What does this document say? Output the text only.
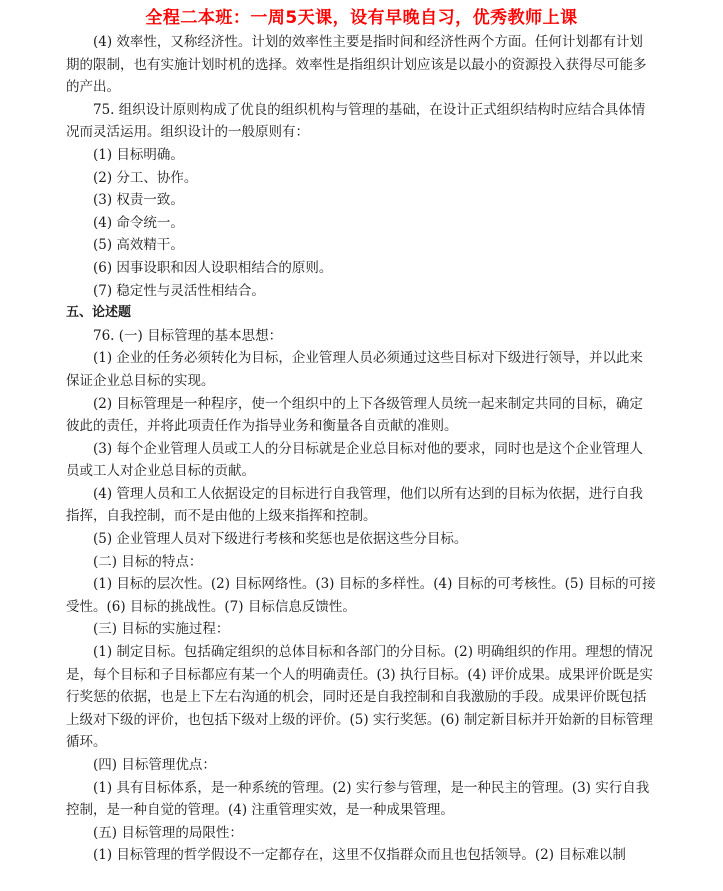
全程二本班：一周5天课，设有早晚自习，优秀教师上课

(4) 效率性，又称经济性。计划的效率性主要是指时间和经济性两个方面。任何计划都有计划期的限制，也有实施计划时机的选择。效率性是指组织计划应该是以最小的资源投入获得尽可能多的产出。

75. 组织设计原则构成了优良的组织机构与管理的基础，在设计正式组织结构时应结合具体情况而灵活运用。组织设计的一般原则有：

(1) 目标明确。

(2) 分工、协作。

(3) 权责一致。

(4) 命令统一。

(5) 高效精干。

(6) 因事设职和因人设职相结合的原则。

(7) 稳定性与灵活性相结合。

五、论述题

76. (一) 目标管理的基本思想：

(1) 企业的任务必须转化为目标，企业管理人员必须通过这些目标对下级进行领导，并以此来保证企业总目标的实现。

(2) 目标管理是一种程序，使一个组织中的上下各级管理人员统一起来制定共同的目标，确定彼此的责任，并将此项责任作为指导业务和衡量各自贡献的准则。

(3) 每个企业管理人员或工人的分目标就是企业总目标对他的要求，同时也是这个企业管理人员或工人对企业总目标的贡献。

(4) 管理人员和工人依据设定的目标进行自我管理，他们以所有达到的目标为依据，进行自我指挥，自我控制，而不是由他的上级来指挥和控制。

(5) 企业管理人员对下级进行考核和奖惩也是依据这些分目标。

(二) 目标的特点：

(1) 目标的层次性。(2) 目标网络性。(3) 目标的多样性。(4) 目标的可考核性。(5) 目标的可接受性。(6) 目标的挑战性。(7) 目标信息反馈性。

(三) 目标的实施过程：

(1) 制定目标。包括确定组织的总体目标和各部门的分目标。(2) 明确组织的作用。理想的情况是，每个目标和子目标都应有某一个人的明确责任。(3) 执行目标。(4) 评价成果。成果评价既是实行奖惩的依据，也是上下左右沟通的机会，同时还是自我控制和自我激励的手段。成果评价既包括上级对下级的评价，也包括下级对上级的评价。(5) 实行奖惩。(6) 制定新目标并开始新的目标管理循环。

(四) 目标管理优点：

(1) 具有目标体系，是一种系统的管理。(2) 实行参与管理，是一种民主的管理。(3) 实行自我控制，是一种自觉的管理。(4) 注重管理实效，是一种成果管理。

(五) 目标管理的局限性：

(1) 目标管理的哲学假设不一定都存在，这里不仅指群众而且也包括领导。(2) 目标难以制
